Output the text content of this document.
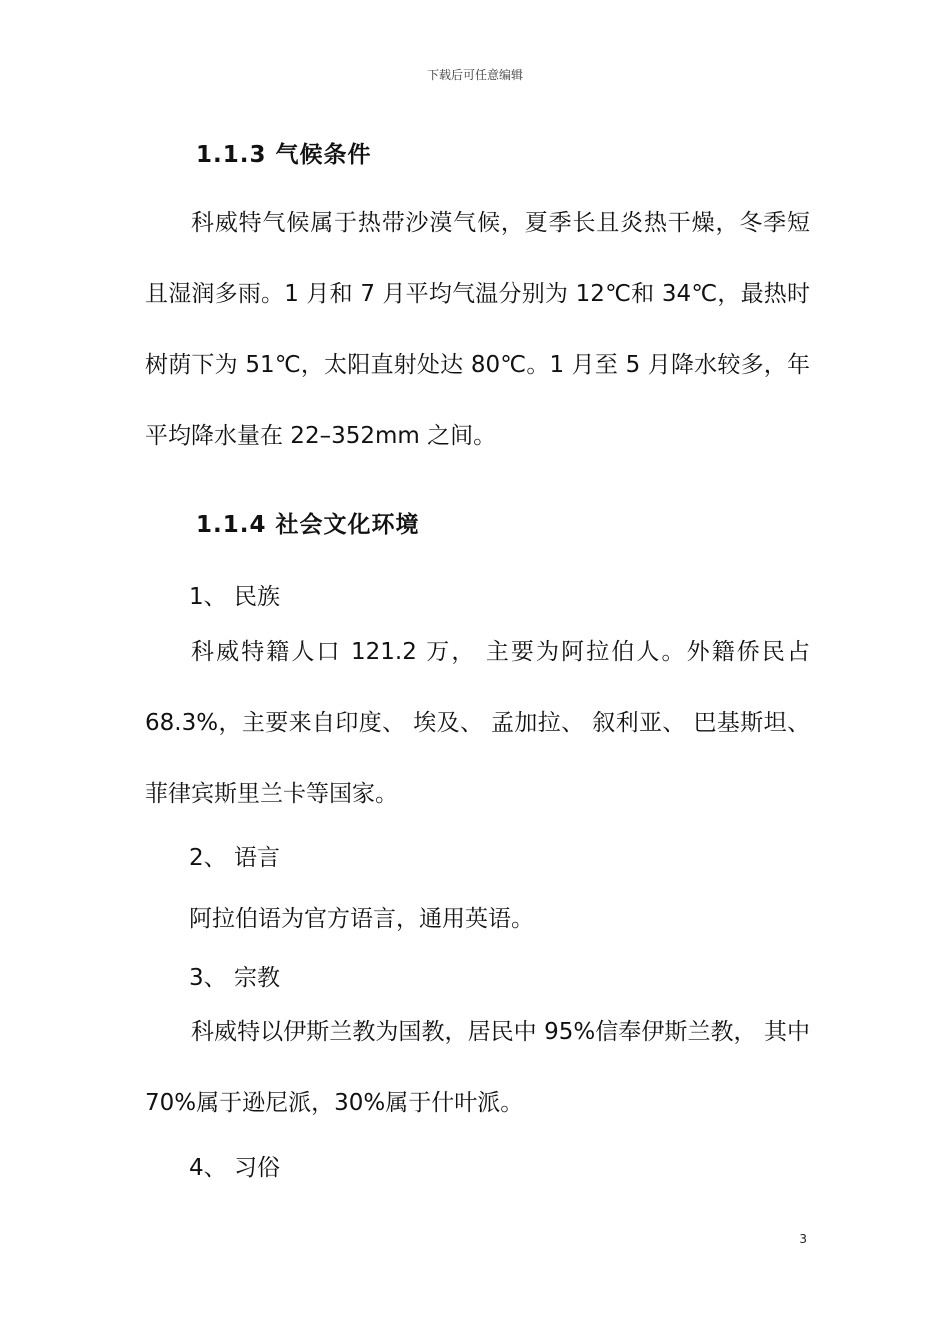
下载后可任意编辑
1.1.3 气候条件

科威特气候属于热带沙漠气候，夏季长且炎热干燥，冬季短且湿润多雨。1 月和 7 月平均气温分别为 12℃和 34℃，最热时树荫下为 51℃，太阳直射处达 80℃。1 月至 5 月降水较多，年平均降水量在 22–352mm 之间。

1.1.4 社会文化环境
1、 民族

科威特籍人口 121.2 万， 主要为阿拉伯人。外籍侨民占 68.3%，主要来自印度、 埃及、 孟加拉、 叙利亚、 巴基斯坦、菲律宾斯里兰卡等国家。

2、 语言
阿拉伯语为官方语言，通用英语。
3、 宗教

科威特以伊斯兰教为国教，居民中 95%信奉伊斯兰教， 其中 70%属于逊尼派，30%属于什叶派。

4、 习俗
3
